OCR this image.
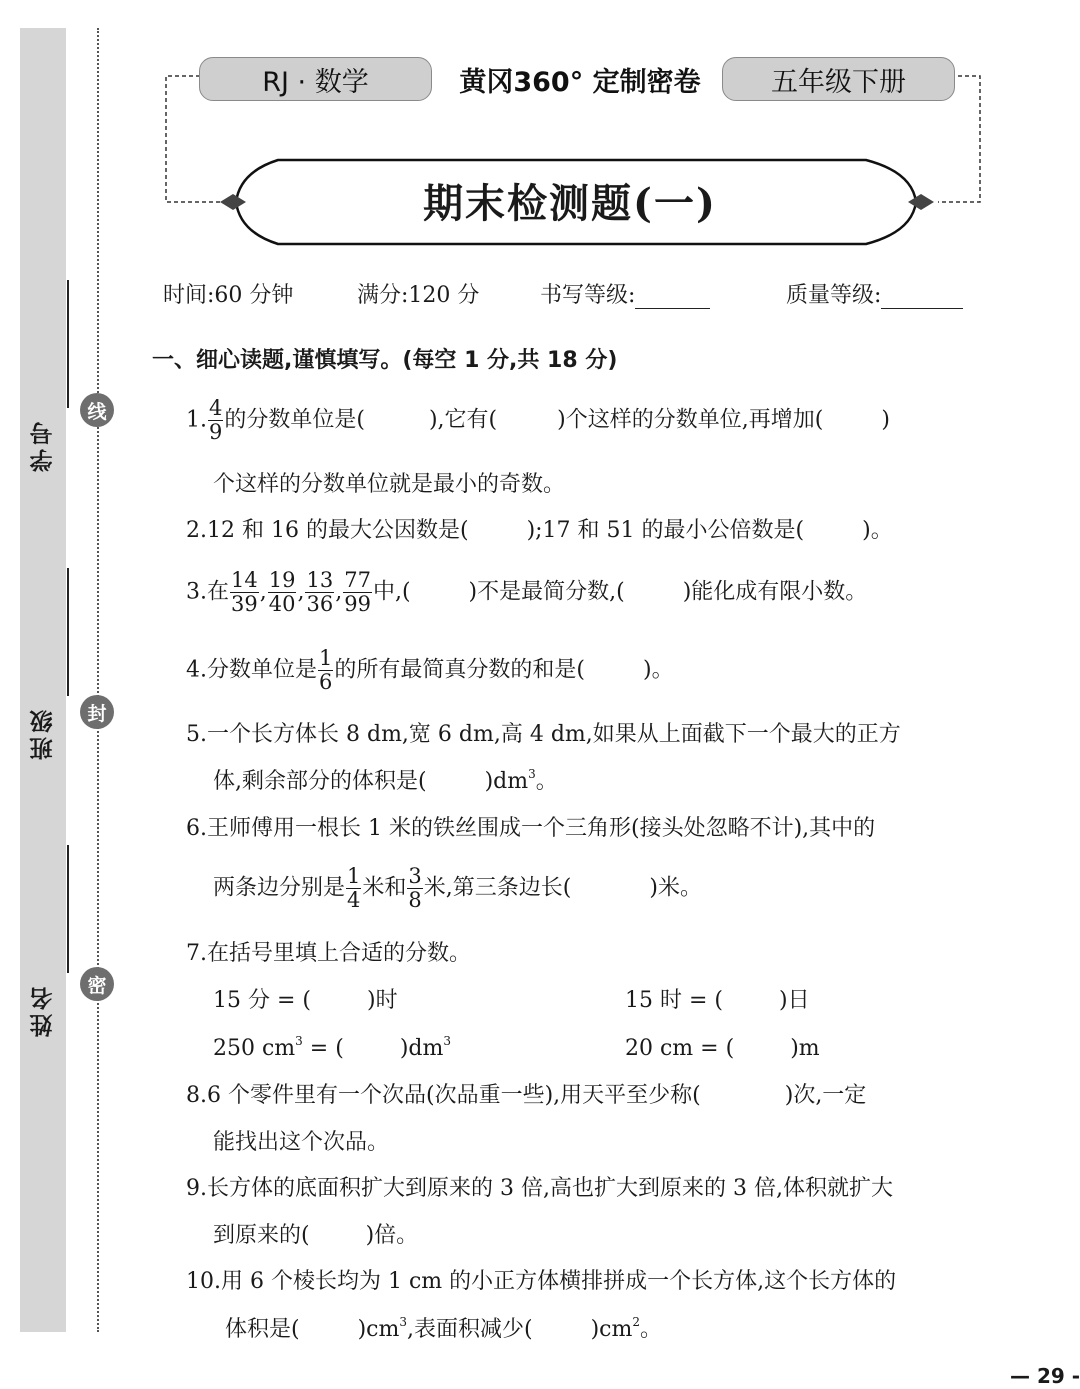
线
封
密
学号
班级
姓名
RJ · 数学	黄冈360° 定制密卷	五年级下册
期末检测题(一)
时间:60 分钟	满分:120 分	书写等级:	质量等级:
一、细心读题,谨慎填写。(每空 1 分,共 18 分)
1. $\frac{4}{9}$ 的分数单位是(	),它有(	)个这样的分数单位,再增加(	)
个这样的分数单位就是最小的奇数。
2.12 和 16 的最大公因数是(	);17 和 51 的最小公倍数是(	)。
3.在 $\frac{14}{39}$ , $\frac{19}{40}$ , $\frac{13}{36}$ , $\frac{77}{99}$ 中,(	)不是最简分数,(	)能化成有限小数。
4.分数单位是 $\frac{1}{6}$ 的所有最简真分数的和是(	)。
5.一个长方体长 8 dm,宽 6 dm,高 4 dm,如果从上面截下一个最大的正方
体,剩余部分的体积是(	)$dm^3$。
6.王师傅用一根长 1 米的铁丝围成一个三角形(接头处忽略不计),其中的
两条边分别是 $\frac{1}{4}$ 米和 $\frac{3}{8}$ 米,第三条边长(	)米。
7.在括号里填上合适的分数。
15 分 = (	)时	15 时 = (	)日
250 $cm^3$ = (	)$dm^3$	20 cm = (	)m
8.6 个零件里有一个次品(次品重一些),用天平至少称(	)次,一定
能找出这个次品。
9.长方体的底面积扩大到原来的 3 倍,高也扩大到原来的 3 倍,体积就扩大
到原来的(	)倍。
10.用 6 个棱长均为 1 cm 的小正方体横排拼成一个长方体,这个长方体的
体积是(	)$cm^3$,表面积减少(	)$cm^2$。
— 29 -
